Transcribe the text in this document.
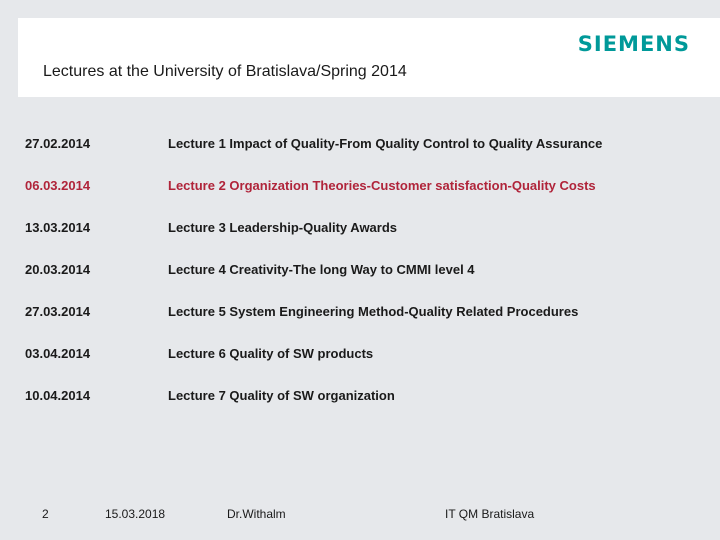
Lectures at the University of Bratislava/Spring 2014
SIEMENS
27.02.2014	Lecture 1 Impact of Quality-From Quality Control to Quality Assurance
06.03.2014	Lecture 2 Organization Theories-Customer satisfaction-Quality Costs
13.03.2014	Lecture 3 Leadership-Quality Awards
20.03.2014	Lecture 4 Creativity-The long Way to CMMI level 4
27.03.2014	Lecture 5 System Engineering Method-Quality Related Procedures
03.04.2014	Lecture 6 Quality of SW products
10.04.2014	Lecture 7 Quality of SW organization
2	15.03.2018	Dr.Withalm	IT QM Bratislava
